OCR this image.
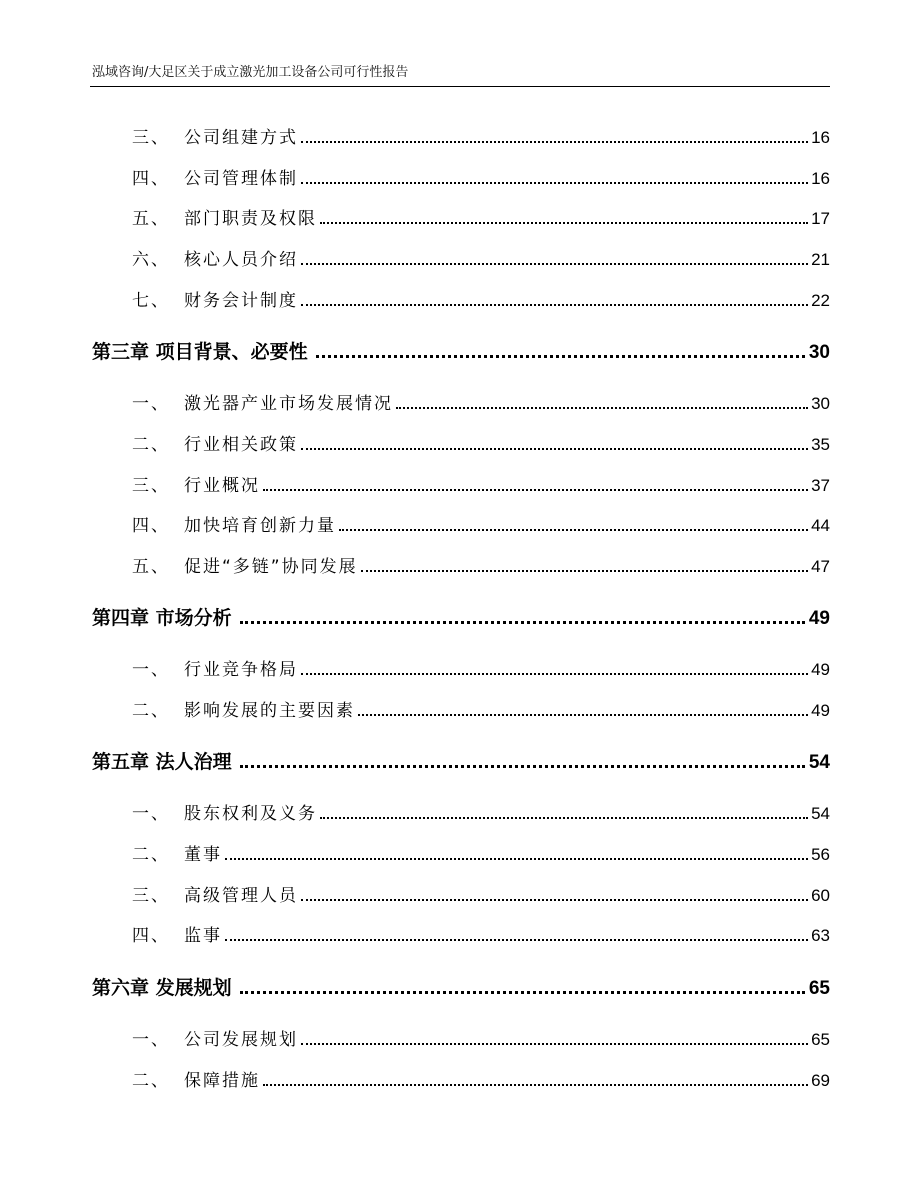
泓域咨询/大足区关于成立激光加工设备公司可行性报告
三、 公司组建方式	16
四、 公司管理体制	16
五、 部门职责及权限	17
六、 核心人员介绍	21
七、 财务会计制度	22
第三章 项目背景、必要性	30
一、 激光器产业市场发展情况	30
二、 行业相关政策	35
三、 行业概况	37
四、 加快培育创新力量	44
五、 促进“多链”协同发展	47
第四章 市场分析	49
一、 行业竞争格局	49
二、 影响发展的主要因素	49
第五章 法人治理	54
一、 股东权利及义务	54
二、 董事	56
三、 高级管理人员	60
四、 监事	63
第六章 发展规划	65
一、 公司发展规划	65
二、 保障措施	69
